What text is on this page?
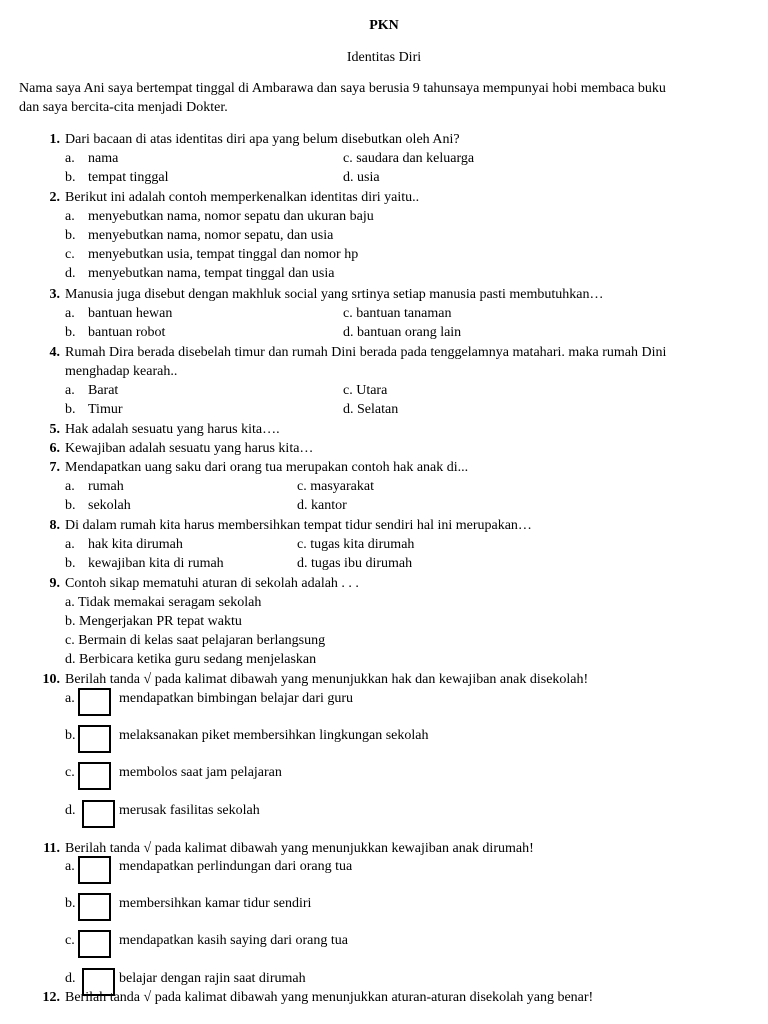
PKN
Identitas Diri
Nama saya Ani saya bertempat tinggal di Ambarawa dan saya berusia 9 tahunsaya mempunyai hobi membaca buku
dan saya bercita-cita menjadi Dokter.
1. Dari bacaan di atas identitas diri apa yang belum disebutkan oleh Ani?
a. nama
b. tempat tinggal
c. saudara dan keluarga
d. usia
2. Berikut ini adalah contoh memperkenalkan identitas diri yaitu..
a. menyebutkan nama, nomor sepatu dan ukuran baju
b. menyebutkan nama, nomor sepatu, dan usia
c. menyebutkan usia, tempat tinggal dan nomor hp
d. menyebutkan nama, tempat tinggal dan usia
3. Manusia juga disebut dengan makhluk social yang srtinya setiap manusia pasti membutuhkan…
a. bantuan hewan
b. bantuan robot
c. bantuan tanaman
d. bantuan orang lain
4. Rumah Dira berada disebelah timur dan rumah Dini berada pada tenggelamnya matahari. maka rumah Dini
menghadap kearah..
a. Barat
b. Timur
c. Utara
d. Selatan
5. Hak adalah sesuatu yang harus kita….
6. Kewajiban adalah sesuatu yang harus kita…
7. Mendapatkan uang saku dari orang tua merupakan contoh hak anak di...
a. rumah
b. sekolah
c. masyarakat
d. kantor
8. Di dalam rumah kita harus membersihkan tempat tidur sendiri hal ini merupakan…
a. hak kita dirumah
b. kewajiban kita di rumah
c. tugas kita dirumah
d. tugas ibu dirumah
9. Contoh sikap mematuhi aturan di sekolah adalah . . .
a. Tidak memakai seragam sekolah
b. Mengerjakan PR tepat waktu
c. Bermain di kelas saat pelajaran berlangsung
d. Berbicara ketika guru sedang menjelaskan
10. Berilah tanda √ pada kalimat dibawah yang menunjukkan hak dan kewajiban anak disekolah!
a.	mendapatkan bimbingan belajar dari guru
b.	melaksanakan piket membersihkan lingkungan sekolah
c.	membolos saat jam pelajaran
d.	merusak fasilitas sekolah
11. Berilah tanda √ pada kalimat dibawah yang menunjukkan kewajiban anak dirumah!
a.	mendapatkan perlindungan dari orang tua
b.	membersihkan kamar tidur sendiri
c.	mendapatkan kasih saying dari orang tua
d.	belajar dengan rajin saat dirumah
12. Berilah tanda √ pada kalimat dibawah yang menunjukkan aturan-aturan disekolah yang benar!
